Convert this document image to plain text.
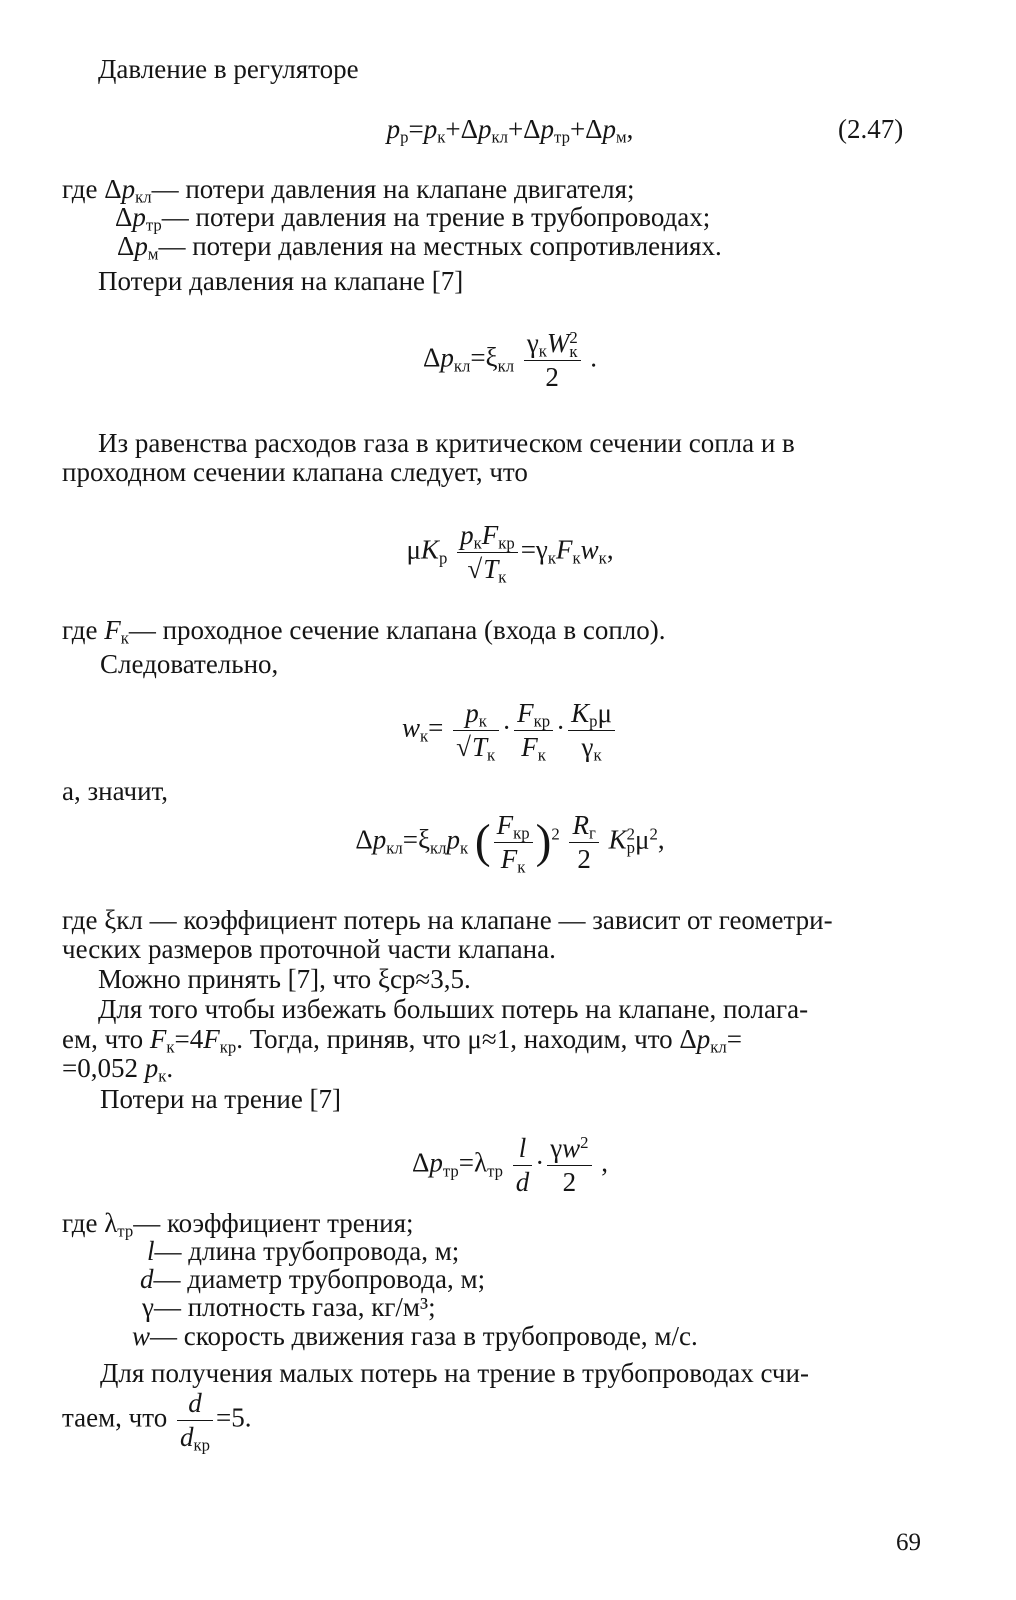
Давление в регуляторе
$p_р=p_к+\Delta p_{кл}+\Delta p_{тр}+\Delta p_м$,	(2.47)
где $\Delta p_{кл}—$ потери давления на клапане двигателя;
$\Delta p_{тр}—$ потери давления на трение в трубопроводах;
$\Delta p_м—$ потери давления на местных сопротивлениях.
Потери давления на клапане [7]
$\Delta p_{кл}=\xi_{кл} \frac{\gamma_кW^2_к}{2}$ .
Из равенства расходов газа в критическом сечении сопла и в
проходном сечении клапана следует, что
$\mu K_р \frac{p_кF_{кр}}{√T_к} =\gamma_кF_кw_к$,
где $F_к—$ проходное сечение клапана (входа в сопло).
Следовательно,
$w_к= \frac{p_к}{√T_к} \cdot \frac{F_{кр}}{F_к} \cdot \frac{K_р\mu}{\gamma_к}$
а, значит,
$\Delta p_{кл}=\xi_{кл}p_к$ ( $\frac{F_{кр}}{F_к} )^2 \frac{R_г}{2} K^2_р\mu^2$,
где ξкл — коэффициент потерь на клапане — зависит от геометри-
ческих размеров проточной части клапана.
Можно принять [7], что ξср≈3,5.
Для того чтобы избежать больших потерь на клапане, полага-
ем, что $F_к=4F_{кр}$. Тогда, приняв, что μ≈1, находим, что $\Delta p_{кл}=$
=0,052 $p_к$.
Потери на трение [7]
$\Delta p_{тр}=\lambda_{тр} \frac{l}{d} \cdot \frac{\gamma w^2}{2}$ ,
где $\lambda_{тр}—$ коэффициент трения;
l— длина трубопровода, м;
d— диаметр трубопровода, м;
γ— плотность газа, кг/м³;
w— скорость движения газа в трубопроводе, м/с.
Для получения малых потерь на трение в трубопроводах счи-
таем, что $\frac{d}{d_{кр}} =5$.
69
